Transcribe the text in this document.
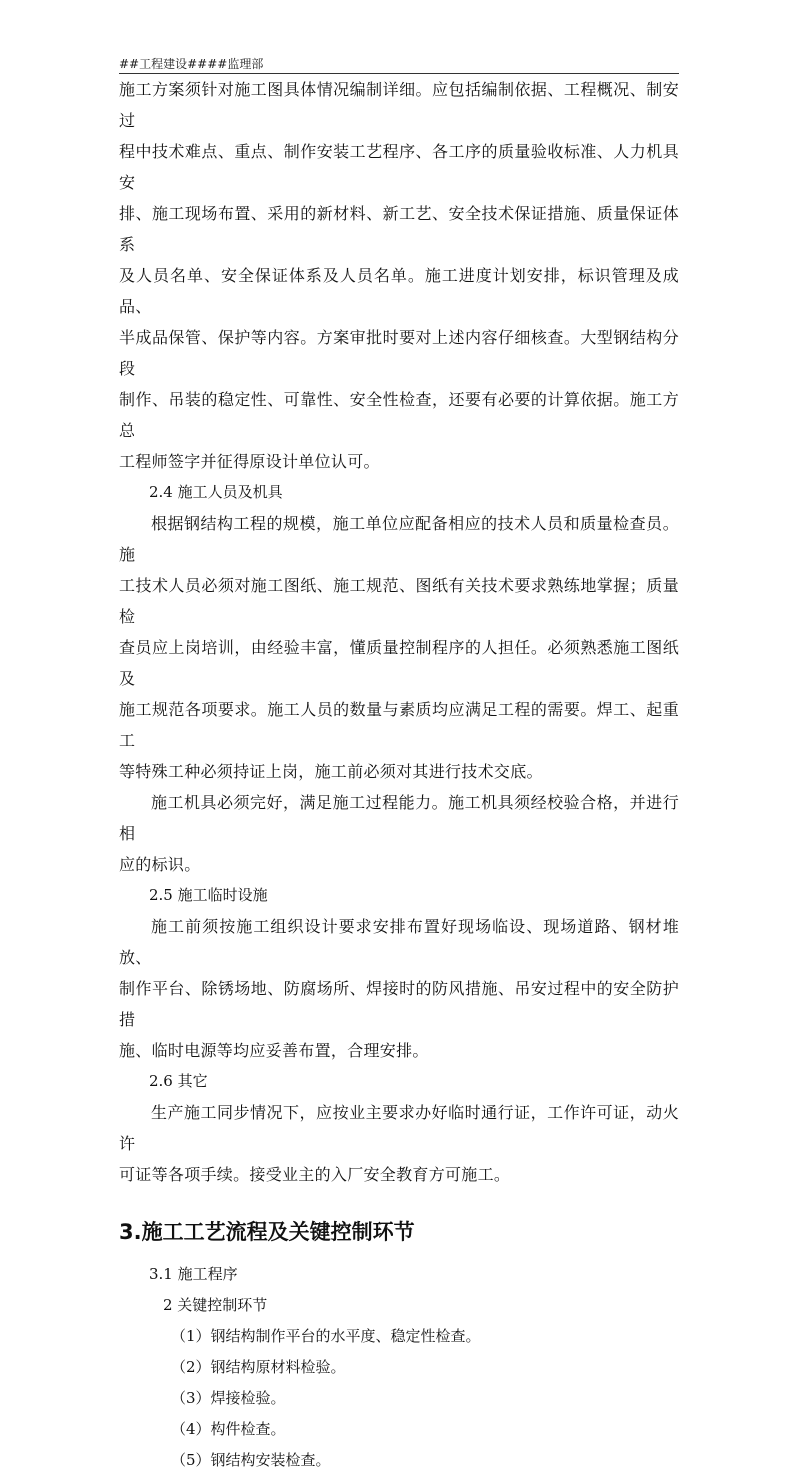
##工程建设####监理部

施工方案须针对施工图具体情况编制详细。应包括编制依据、工程概况、制安过

程中技术难点、重点、制作安装工艺程序、各工序的质量验收标准、人力机具安

排、施工现场布置、采用的新材料、新工艺、安全技术保证措施、质量保证体系

及人员名单、安全保证体系及人员名单。施工进度计划安排，标识管理及成品、

半成品保管、保护等内容。方案审批时要对上述内容仔细核查。大型钢结构分段

制作、吊装的稳定性、可靠性、安全性检查，还要有必要的计算依据。施工方总

工程师签字并征得原设计单位认可。

2.4 施工人员及机具

根据钢结构工程的规模，施工单位应配备相应的技术人员和质量检查员。施

工技术人员必须对施工图纸、施工规范、图纸有关技术要求熟练地掌握；质量检

查员应上岗培训，由经验丰富，懂质量控制程序的人担任。必须熟悉施工图纸及

施工规范各项要求。施工人员的数量与素质均应满足工程的需要。焊工、起重工

等特殊工种必须持证上岗，施工前必须对其进行技术交底。

施工机具必须完好，满足施工过程能力。施工机具须经校验合格，并进行相

应的标识。

2.5 施工临时设施

施工前须按施工组织设计要求安排布置好现场临设、现场道路、钢材堆放、

制作平台、除锈场地、防腐场所、焊接时的防风措施、吊安过程中的安全防护措

施、临时电源等均应妥善布置，合理安排。

2.6 其它

生产施工同步情况下，应按业主要求办好临时通行证，工作许可证，动火许

可证等各项手续。接受业主的入厂安全教育方可施工。

3.施工工艺流程及关键控制环节

3.1 施工程序

2 关键控制环节

（1）钢结构制作平台的水平度、稳定性检查。

（2）钢结构原材料检验。

（3）焊接检验。

（4）构件检查。

（5）钢结构安装检查。
